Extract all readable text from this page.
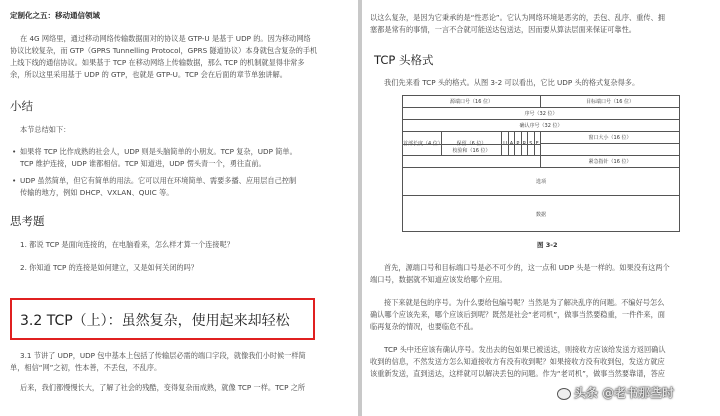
定制化之五：移动通信领域
在 4G 网络里，通过移动网络传输数据面对的协议是 GTP-U 是基于 UDP 的。因为移动网络
协议比较复杂，而 GTP（GPRS Tunnelling Protocol，GPRS 隧道协议）本身就包含复杂的手机
上线下线的通信协议。如果基于 TCP 在移动网络上传输数据，那么 TCP 的机制就显得非常多
余，所以这里采用基于 UDP 的 GTP，也就是 GTP-U。TCP 会在后面的章节单独讲解。
小结
本节总结如下：
• 如果将 TCP 比作成熟的社会人，UDP 则是头脑简单的小朋友。TCP 复杂，UDP 简单。
TCP 维护连接，UDP 谁都相信。TCP 知道进，UDP 愣头青一个，勇往直前。
• UDP 虽然简单，但它有简单的用法。它可以用在环境简单、需要多播、应用层自己控制
传输的地方，例如 DHCP、VXLAN、QUIC 等。
思考题
1. 都说 TCP 是面向连接的，在电脑看来，怎么样才算一个连接呢？
2. 你知道 TCP 的连接是如何建立，又是如何关闭的吗？
3.2 TCP（上）：虽然复杂，使用起来却轻松
3.1 节讲了 UDP，UDP 包中基本上包括了传输层必需的端口字段，就像我们小时候一样简
单，相信“网”之初，性本善，不丢包，不乱序。
后来，我们都慢慢长大，了解了社会的残酷，变得复杂而成熟，就像 TCP 一样。TCP 之所
以这么复杂，是因为它秉承的是“性恶论”。它认为网络环境是恶劣的，丢包、乱序、重传、拥
塞都是常有的事情，一言不合就可能送达包送达，因而要从算法层面来保证可靠性。
TCP 头格式
我们先来看 TCP 头的格式。从图 3-2 可以看出，它比 UDP 头的格式复杂得多。
源端口号（16 位）	目标端口号（16 位）
序号（32 位）
确认序号（32 位）
首部长度（4 位）	保留（6 位）	U A P R S F
窗口大小（16 位）
校验和（16 位）
紧急指针（16 位）
选项
数据
图 3-2
首先，源端口号和目标端口号是必不可少的，这一点和 UDP 头是一样的。如果没有这两个
端口号，数据就不知道应该发给哪个应用。
接下来就是包的序号。为什么要给包编号呢？当然是为了解决乱序的问题。不编好号怎么
确认哪个应该先来，哪个应该后到呢？既然是社会“老司机”，做事当然要稳重，一件件来，面
临再复杂的情况，也要临危不乱。
TCP 头中还应该有确认序号。发出去的包如果已被送达，则接收方应该给发送方返回确认
收到的信息，不然发送方怎么知道接收方有没有收到呢？如果接收方没有收到包，发送方就应
该重新发送，直到送达，这样就可以解决丢包的问题。作为“老司机”，做事当然要靠谱，答应
头条 @老书那些时
